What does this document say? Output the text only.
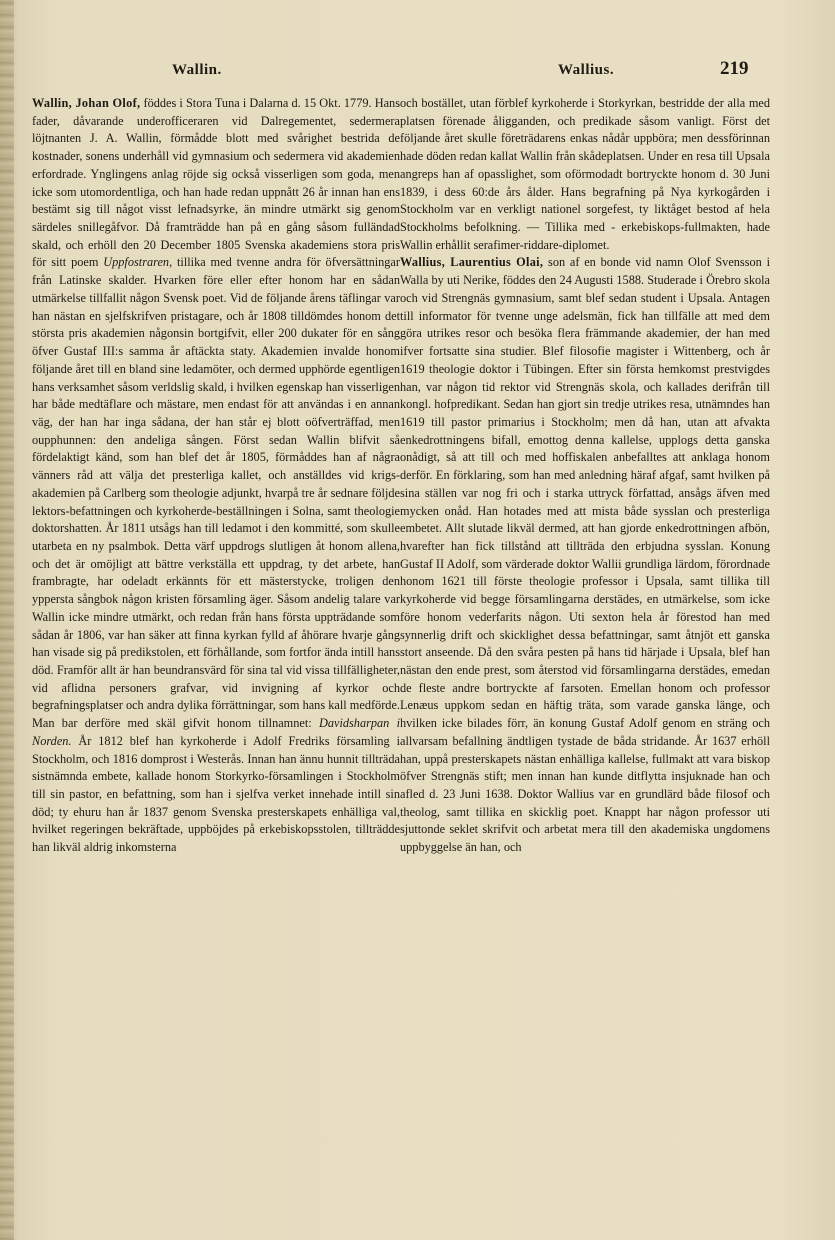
Wallin.	Wallius.	219

Wallin, Johan Olof, föddes i Stora Tuna i Dalarna d. 15 Okt. 1779. Hans fader, dåvarande underofficeraren vid Dalregementet, sedermera löjtnanten J. A. Wallin, förmådde blott med svårighet bestrida de kostnader, sonens underhåll vid gymnasium och sedermera vid akademien erfordrade. Ynglingens anlag röjde sig också visserligen som goda, men icke som utomordentliga, och han hade redan uppnått 26 år innan han ens bestämt sig till något visst lefnadsyrke, än mindre utmärkt sig genom särdeles snillegåfvor. Då framträdde han på en gång såsom fulländad skald, och erhöll den 20 December 1805 Svenska akademiens stora pris för sitt poem Uppfostraren, tillika med tvenne andra för öfversättningar från Latinske skalder. Hvarken före eller efter honom har en sådan utmärkelse tillfallit någon Svensk poet. Vid de följande årens täflingar var han nästan en sjelfskrifven pristagare, och år 1808 tilldömdes honom det största pris akademien någonsin bortgifvit, eller 200 dukater för en sång öfver Gustaf III:s samma år aftäckta staty. Akademien invalde honom följande året till en bland sine ledamöter, och dermed upphörde egentligen hans verksamhet såsom verldslig skald, i hvilken egenskap han visserligen har både medtäflare och mästare, men endast för att användas i en annan väg, der han har inga sådana, der han står ej blott oöfverträffad, men oupphunnen: den andeliga sången. Först sedan Wallin blifvit så fördelaktigt känd, som han blef det år 1805, förmåddes han af några vänners råd att välja det presterliga kallet, och anställdes vid krigs-akademien på Carlberg som theologie adjunkt, hvarpå tre år sednare följde lektors-befattningen och kyrkoherde-beställningen i Solna, samt theologie doktorshatten. År 1811 utsågs han till ledamot i den kommitté, som skulle utarbeta en ny psalmbok. Detta värf uppdrogs slutligen åt honom allena, och det är omöjligt att bättre verkställa ett uppdrag, ty det arbete, han frambragte, har odeladt erkännts för ett mästerstycke, troligen den yppersta sångbok någon kristen församling äger. Såsom andelig talare var Wallin icke mindre utmärkt, och redan från hans första uppträdande som sådan år 1806, var han säker att finna kyrkan fylld af åhörare hvarje gång han visade sig på predikstolen, ett förhållande, som fortfor ända intill hans död. Framför allt är han beundransvärd för sina tal vid vissa tillfälligheter, vid aflidna personers grafvar, vid invigning af kyrkor och begrafningsplatser och andra dylika förrättningar, som hans kall medförde. Man bar derföre med skäl gifvit honom tillnamnet: Davidsharpan i Norden. År 1812 blef han kyrkoherde i Adolf Fredriks församling i Stockholm, och 1816 domprost i Westerås. Innan han ännu hunnit tillträda sistnämnda embete, kallade honom Storkyrko-församlingen i Stockholm till sin pastor, en befattning, som han i sjelfva verket innehade intill sin död; ty ehuru han år 1837 genom Svenska presterskapets enhälliga val, hvilket regeringen bekräftade, uppböjdes på erkebiskopsstolen, tillträdde han likväl aldrig inkomsterna

och bostället, utan förblef kyrkoherde i Storkyrkan, bestridde der alla med platsen förenade åligganden, och predikade såsom vanligt. Först det följande året skulle företrädarens enkas nådår uppböra; men dessförinnan hade döden redan kallat Wallin från skådeplatsen. Under en resa till Upsala angreps han af opasslighet, som oförmodadt bortryckte honom d. 30 Juni 1839, i dess 60:de års ålder. Hans begrafning på Nya kyrkogården i Stockholm var en verkligt nationel sorgefest, ty liktåget bestod af hela Stockholms befolkning. — Tillika med - erkebiskops-fullmakten, hade Wallin erhållit serafimer-riddare-diplomet.

Wallius, Laurentius Olai, son af en bonde vid namn Olof Svensson i Walla by uti Nerike, föddes den 24 Augusti 1588. Studerade i Örebro skola och vid Strengnäs gymnasium, samt blef sedan student i Upsala. Antagen till informator för tvenne unge adelsmän, fick han tillfälle att med dem göra utrikes resor och besöka flera främmande akademier, der han med ifver fortsatte sina studier. Blef filosofie magister i Wittenberg, och år 1619 theologie doktor i Tübingen. Efter sin första hemkomst prestvigdes han, var någon tid rektor vid Strengnäs skola, och kallades derifrån till kongl. hofpredikant. Sedan han gjort sin tredje utrikes resa, utnämndes han 1619 till pastor primarius i Stockholm; men då han, utan att afvakta enkedrottningens bifall, emottog denna kallelse, upplogs detta ganska onådigt, så att till och med hoffiskalen anbefalltes att anklaga honom derför. En förklaring, som han med anledning häraf afgaf, samt hvilken på sina ställen var nog fri och i starka uttryck författad, ansågs äfven med mycken onåd. Han hotades med att mista både sysslan och presterliga embetet. Allt slutade likväl dermed, att han gjorde enkedrottningen afbön, hvarefter han fick tillstånd att tillträda den erbjudna sysslan. Konung Gustaf II Adolf, som värderade doktor Wallii grundliga lärdom, förordnade honom 1621 till förste theologie professor i Upsala, samt tillika till kyrkoherde vid begge församlingarna derstädes, en utmärkelse, som icke före honom vederfarits någon. Uti sexton hela år förestod han med synnerlig drift och skicklighet dessa befattningar, samt åtnjöt ett ganska stort anseende. Då den svåra pesten på hans tid härjade i Upsala, blef han nästan den ende prest, som återstod vid församlingarna derstädes, emedan de fleste andre bortryckte af farsoten. Emellan honom och professor Lenæus uppkom sedan en häftig träta, som varade ganska länge, och hvilken icke bilades förr, än konung Gustaf Adolf genom en sträng och allvarsam befallning ändtligen tystade de båda stridande. År 1637 erhöll han, uppå presterskapets nästan enhälliga kallelse, fullmakt att vara biskop öfver Strengnäs stift; men innan han kunde ditflytta insjuknade han och afled d. 23 Juni 1638. Doktor Wallius var en grundlärd både filosof och theolog, samt tillika en skicklig poet. Knappt har någon professor uti sjuttonde seklet skrifvit och arbetat mera till den akademiska ungdomens uppbyggelse än han, och
